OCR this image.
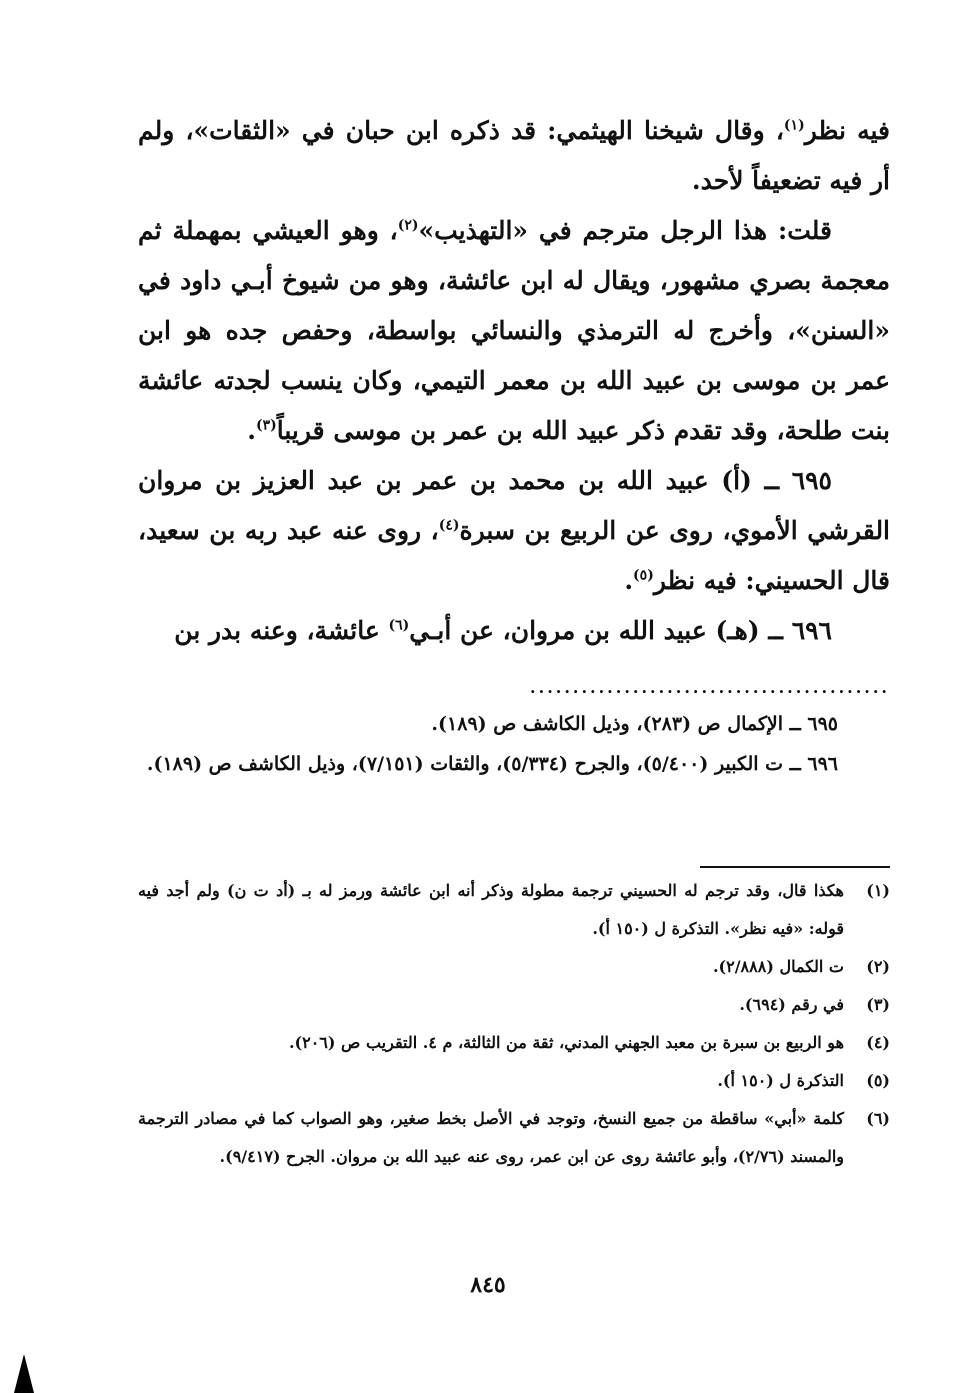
فيه نظر$^{(١)}$، وقال شيخنا الهيثمي: قد ذكره ابن حبان في «الثقات»، ولم أر فيه تضعيفاً لأحد.

قلت: هذا الرجل مترجم في «التهذيب»$^{(٢)}$، وهو العيشي بمهملة ثم معجمة بصري مشهور، ويقال له ابن عائشة، وهو من شيوخ أبـي داود في «السنن»، وأخرج له الترمذي والنسائي بواسطة، وحفص جده هو ابن عمر بن موسى بن عبيد الله بن معمر التيمي، وكان ينسب لجدته عائشة بنت طلحة، وقد تقدم ذكر عبيد الله بن عمر بن موسى قريباً$^{(٣)}$.

٦٩٥ ــ (أ) عبيد الله بن محمد بن عمر بن عبد العزيز بن مروان القرشي الأموي، روى عن الربيع بن سبرة$^{(٤)}$، روى عنه عبد ربه بن سعيد، قال الحسيني: فيه نظر$^{(٥)}$.

٦٩٦ ــ (هـ) عبيد الله بن مروان، عن أبـي$^{(٦)}$ عائشة، وعنه بدر بن

..........................................

٦٩٥ ــ الإكمال ص (٢٨٣)، وذيل الكاشف ص (١٨٩).

٦٩٦ ــ ت الكبير (٥/٤٠٠)، والجرح (٥/٣٣٤)، والثقات (٧/١٥١)، وذيل الكاشف ص (١٨٩).

(١)
هكذا قال، وقد ترجم له الحسيني ترجمة مطولة وذكر أنه ابن عائشة ورمز له بـ (أد ت ن) ولم أجد فيه قوله: «فيه نظر». التذكرة ل (١٥٠ أ).
(٢)
ت الكمال (٢/٨٨٨).
(٣)
في رقم (٦٩٤).
(٤)
هو الربيع بن سبرة بن معبد الجهني المدني، ثقة من الثالثة، م ٤. التقريب ص (٢٠٦).
(٥)
التذكرة ل (١٥٠ أ).
(٦)
كلمة «أبي» ساقطة من جميع النسخ، وتوجد في الأصل بخط صغير، وهو الصواب كما في مصادر الترجمة والمسند (٢/٧٦)، وأبو عائشة روى عن ابن عمر، روى عنه عبيد الله بن مروان. الجرح (٩/٤١٧).
٨٤٥
